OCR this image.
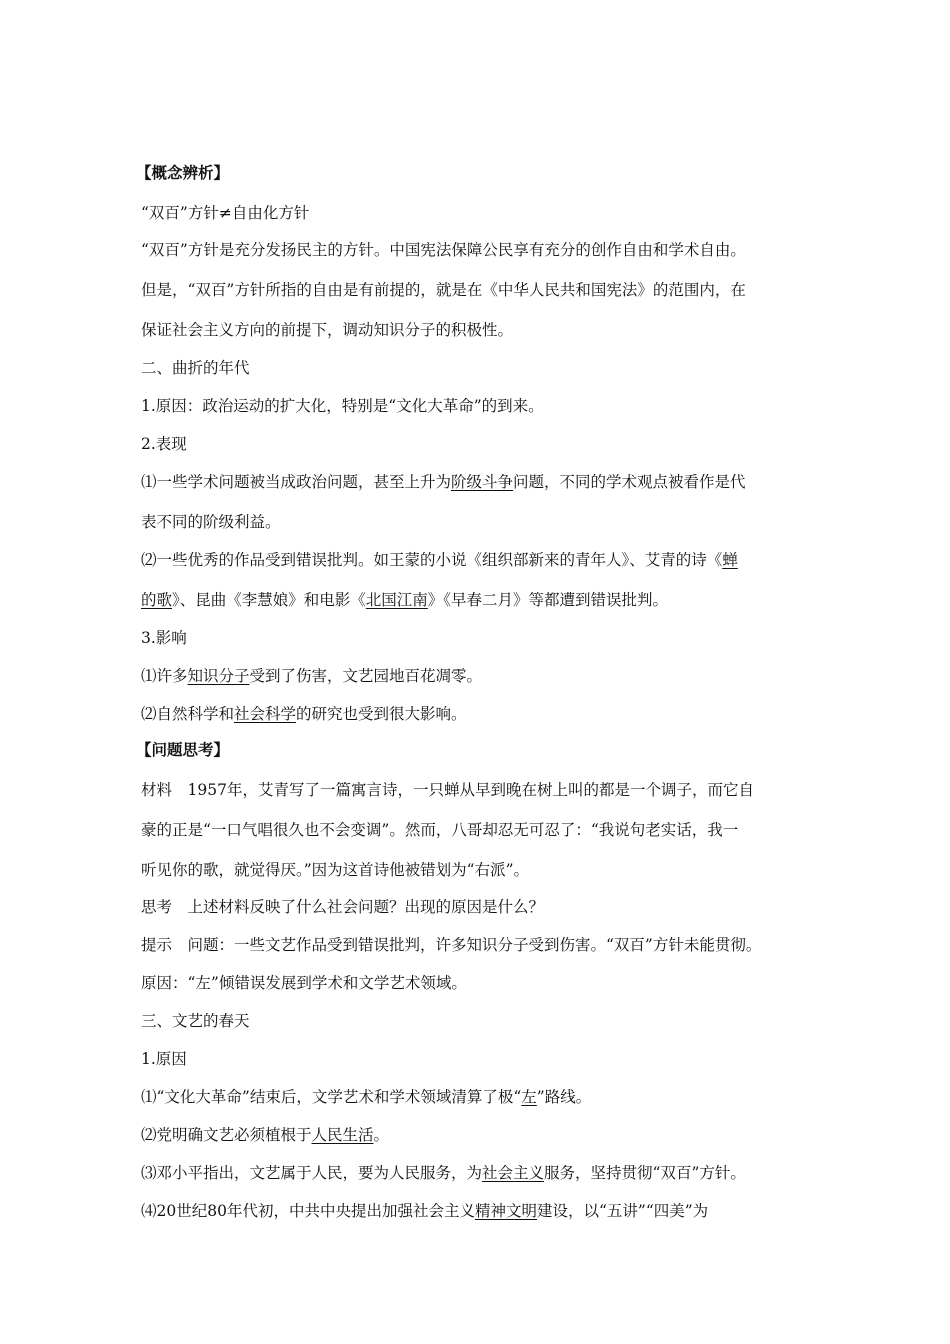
【概念辨析】
“双百”方针≠自由化方针
“双百”方针是充分发扬民主的方针。中国宪法保障公民享有充分的创作自由和学术自由。
但是，“双百”方针所指的自由是有前提的，就是在《中华人民共和国宪法》的范围内，在
保证社会主义方向的前提下，调动知识分子的积极性。
二、曲折的年代
1.原因：政治运动的扩大化，特别是“文化大革命”的到来。
2.表现
⑴一些学术问题被当成政治问题，甚至上升为阶级斗争问题，不同的学术观点被看作是代
表不同的阶级利益。
⑵一些优秀的作品受到错误批判。如王蒙的小说《组织部新来的青年人》、艾青的诗《蝉
的歌》、昆曲《李慧娘》和电影《北国江南》《早春二月》等都遭到错误批判。
3.影响
⑴许多知识分子受到了伤害，文艺园地百花凋零。
⑵自然科学和社会科学的研究也受到很大影响。
【问题思考】
材料　1957年，艾青写了一篇寓言诗，一只蝉从早到晚在树上叫的都是一个调子，而它自
豪的正是“一口气唱很久也不会变调”。然而，八哥却忍无可忍了：“我说句老实话，我一
听见你的歌，就觉得厌。”因为这首诗他被错划为“右派”。
思考　上述材料反映了什么社会问题？出现的原因是什么？
提示　问题：一些文艺作品受到错误批判，许多知识分子受到伤害。“双百”方针未能贯彻。
原因：“左”倾错误发展到学术和文学艺术领域。
三、文艺的春天
1.原因
⑴“文化大革命”结束后，文学艺术和学术领域清算了极“左”路线。
⑵党明确文艺必须植根于人民生活。
⑶邓小平指出，文艺属于人民，要为人民服务，为社会主义服务，坚持贯彻“双百”方针。
⑷20世纪80年代初，中共中央提出加强社会主义精神文明建设，以“五讲”“四美”为
